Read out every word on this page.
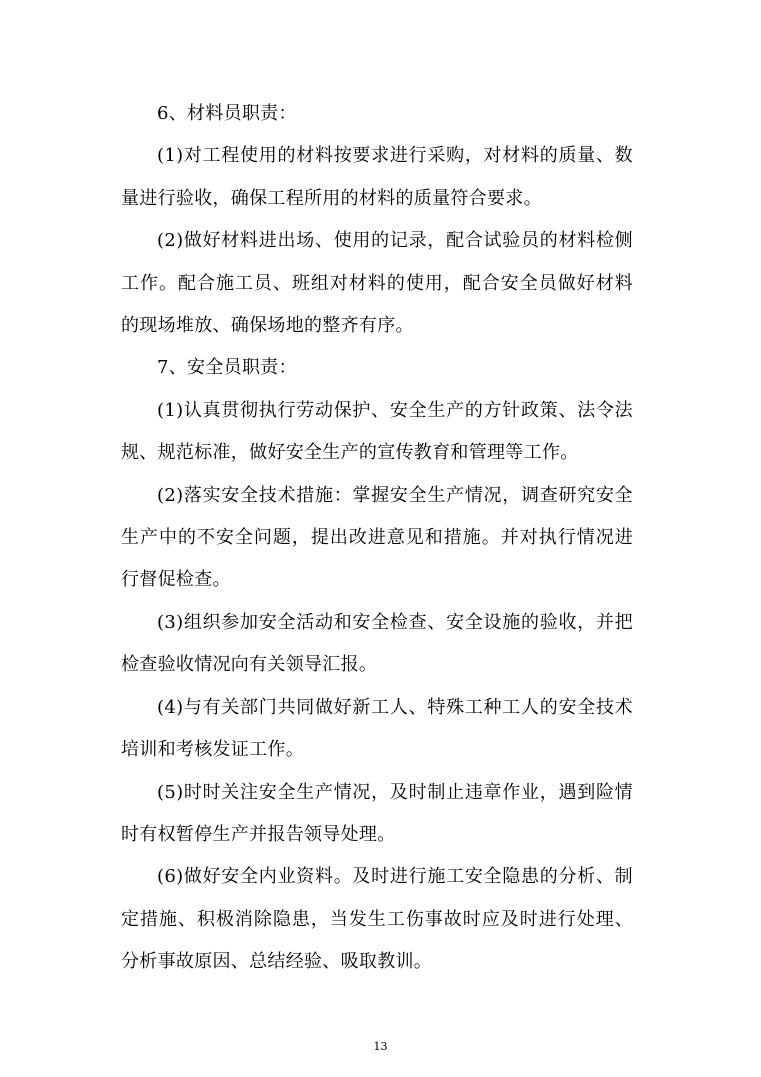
6、材料员职责：

(1)对工程使用的材料按要求进行采购，对材料的质量、数量进行验收，确保工程所用的材料的质量符合要求。

(2)做好材料进出场、使用的记录，配合试验员的材料检侧工作。配合施工员、班组对材料的使用，配合安全员做好材料的现场堆放、确保场地的整齐有序。

7、安全员职责：

(1)认真贯彻执行劳动保护、安全生产的方针政策、法令法规、规范标准，做好安全生产的宣传教育和管理等工作。

(2)落实安全技术措施：掌握安全生产情况，调查研究安全生产中的不安全问题，提出改进意见和措施。并对执行情况进行督促检查。

(3)组织参加安全活动和安全检查、安全设施的验收，并把检查验收情况向有关领导汇报。

(4)与有关部门共同做好新工人、特殊工种工人的安全技术培训和考核发证工作。

(5)时时关注安全生产情况，及时制止违章作业，遇到险情时有权暂停生产并报告领导处理。

(6)做好安全内业资料。及时进行施工安全隐患的分析、制定措施、积极消除隐患，当发生工伤事故时应及时进行处理、分析事故原因、总结经验、吸取教训。

13
